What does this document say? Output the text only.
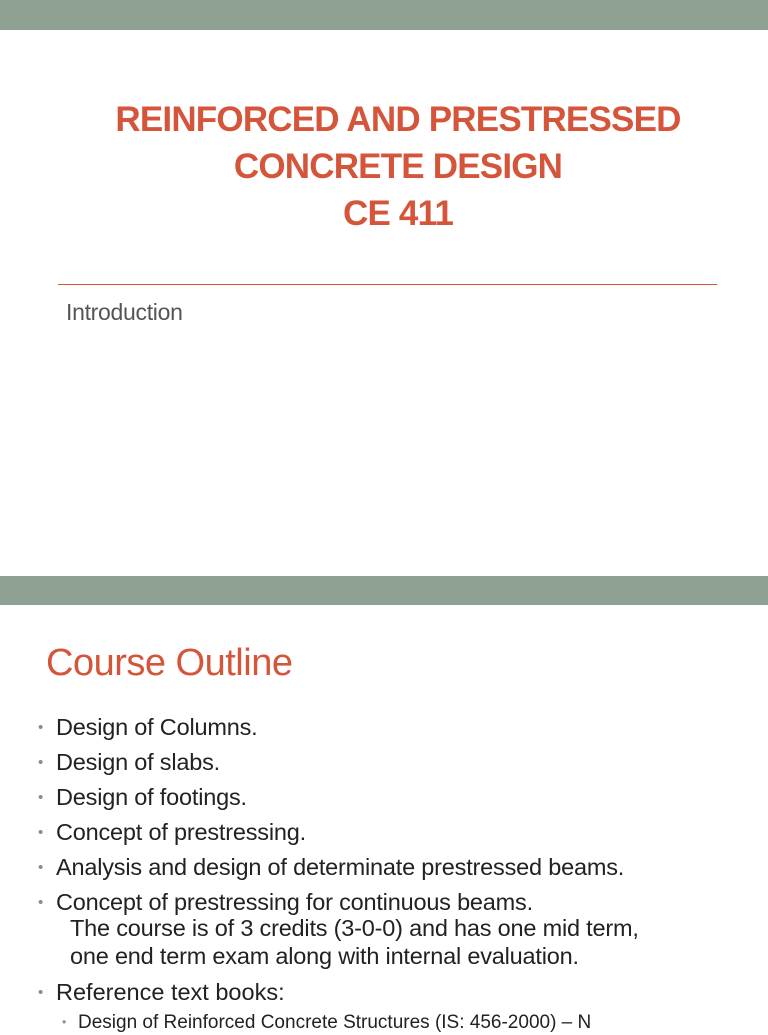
REINFORCED AND PRESTRESSED
CONCRETE DESIGN
CE 411
Introduction
Course Outline
• Design of Columns.
• Design of slabs.
• Design of footings.
• Concept of prestressing.
• Analysis and design of determinate prestressed beams.
• Concept of prestressing for continuous beams.
The course is of 3 credits (3-0-0) and has one mid term,
one end term exam along with internal evaluation.
• Reference text books:
• Design of Reinforced Concrete Structures (IS: 456-2000) – N
